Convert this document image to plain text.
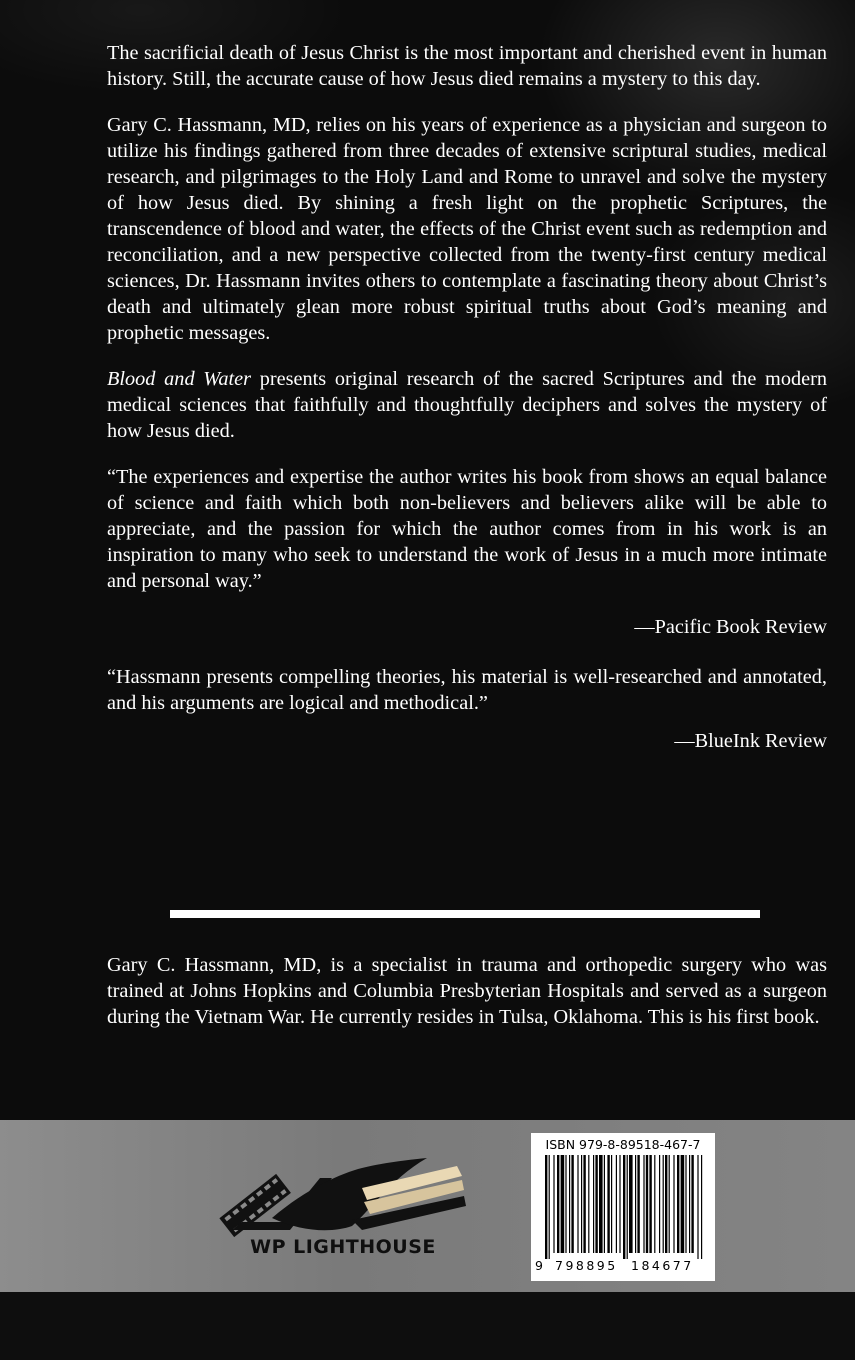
The sacrificial death of Jesus Christ is the most important and cherished event in human history. Still, the accurate cause of how Jesus died remains a mystery to this day.

Gary C. Hassmann, MD, relies on his years of experience as a physician and surgeon to utilize his findings gathered from three decades of extensive scriptural studies, medical research, and pilgrimages to the Holy Land and Rome to unravel and solve the mystery of how Jesus died. By shining a fresh light on the prophetic Scriptures, the transcendence of blood and water, the effects of the Christ event such as redemption and reconciliation, and a new perspective collected from the twenty-first century medical sciences, Dr. Hassmann invites others to contemplate a fascinating theory about Christ’s death and ultimately glean more robust spiritual truths about God’s meaning and prophetic messages.

Blood and Water presents original research of the sacred Scriptures and the modern medical sciences that faithfully and thoughtfully deciphers and solves the mystery of how Jesus died.

“The experiences and expertise the author writes his book from shows an equal balance of science and faith which both non-believers and believers alike will be able to appreciate, and the passion for which the author comes from in his work is an inspiration to many who seek to understand the work of Jesus in a much more intimate and personal way.”

—Pacific Book Review

“Hassmann presents compelling theories, his material is well-researched and annotated, and his arguments are logical and methodical.”

—BlueInk Review

Gary C. Hassmann, MD, is a specialist in trauma and orthopedic surgery who was trained at Johns Hopkins and Columbia Presbyterian Hospitals and served as a surgeon during the Vietnam War. He currently resides in Tulsa, Oklahoma. This is his first book.

WP LIGHTHOUSE
ISBN 979-8-89518-467-7
9 798895 184677
